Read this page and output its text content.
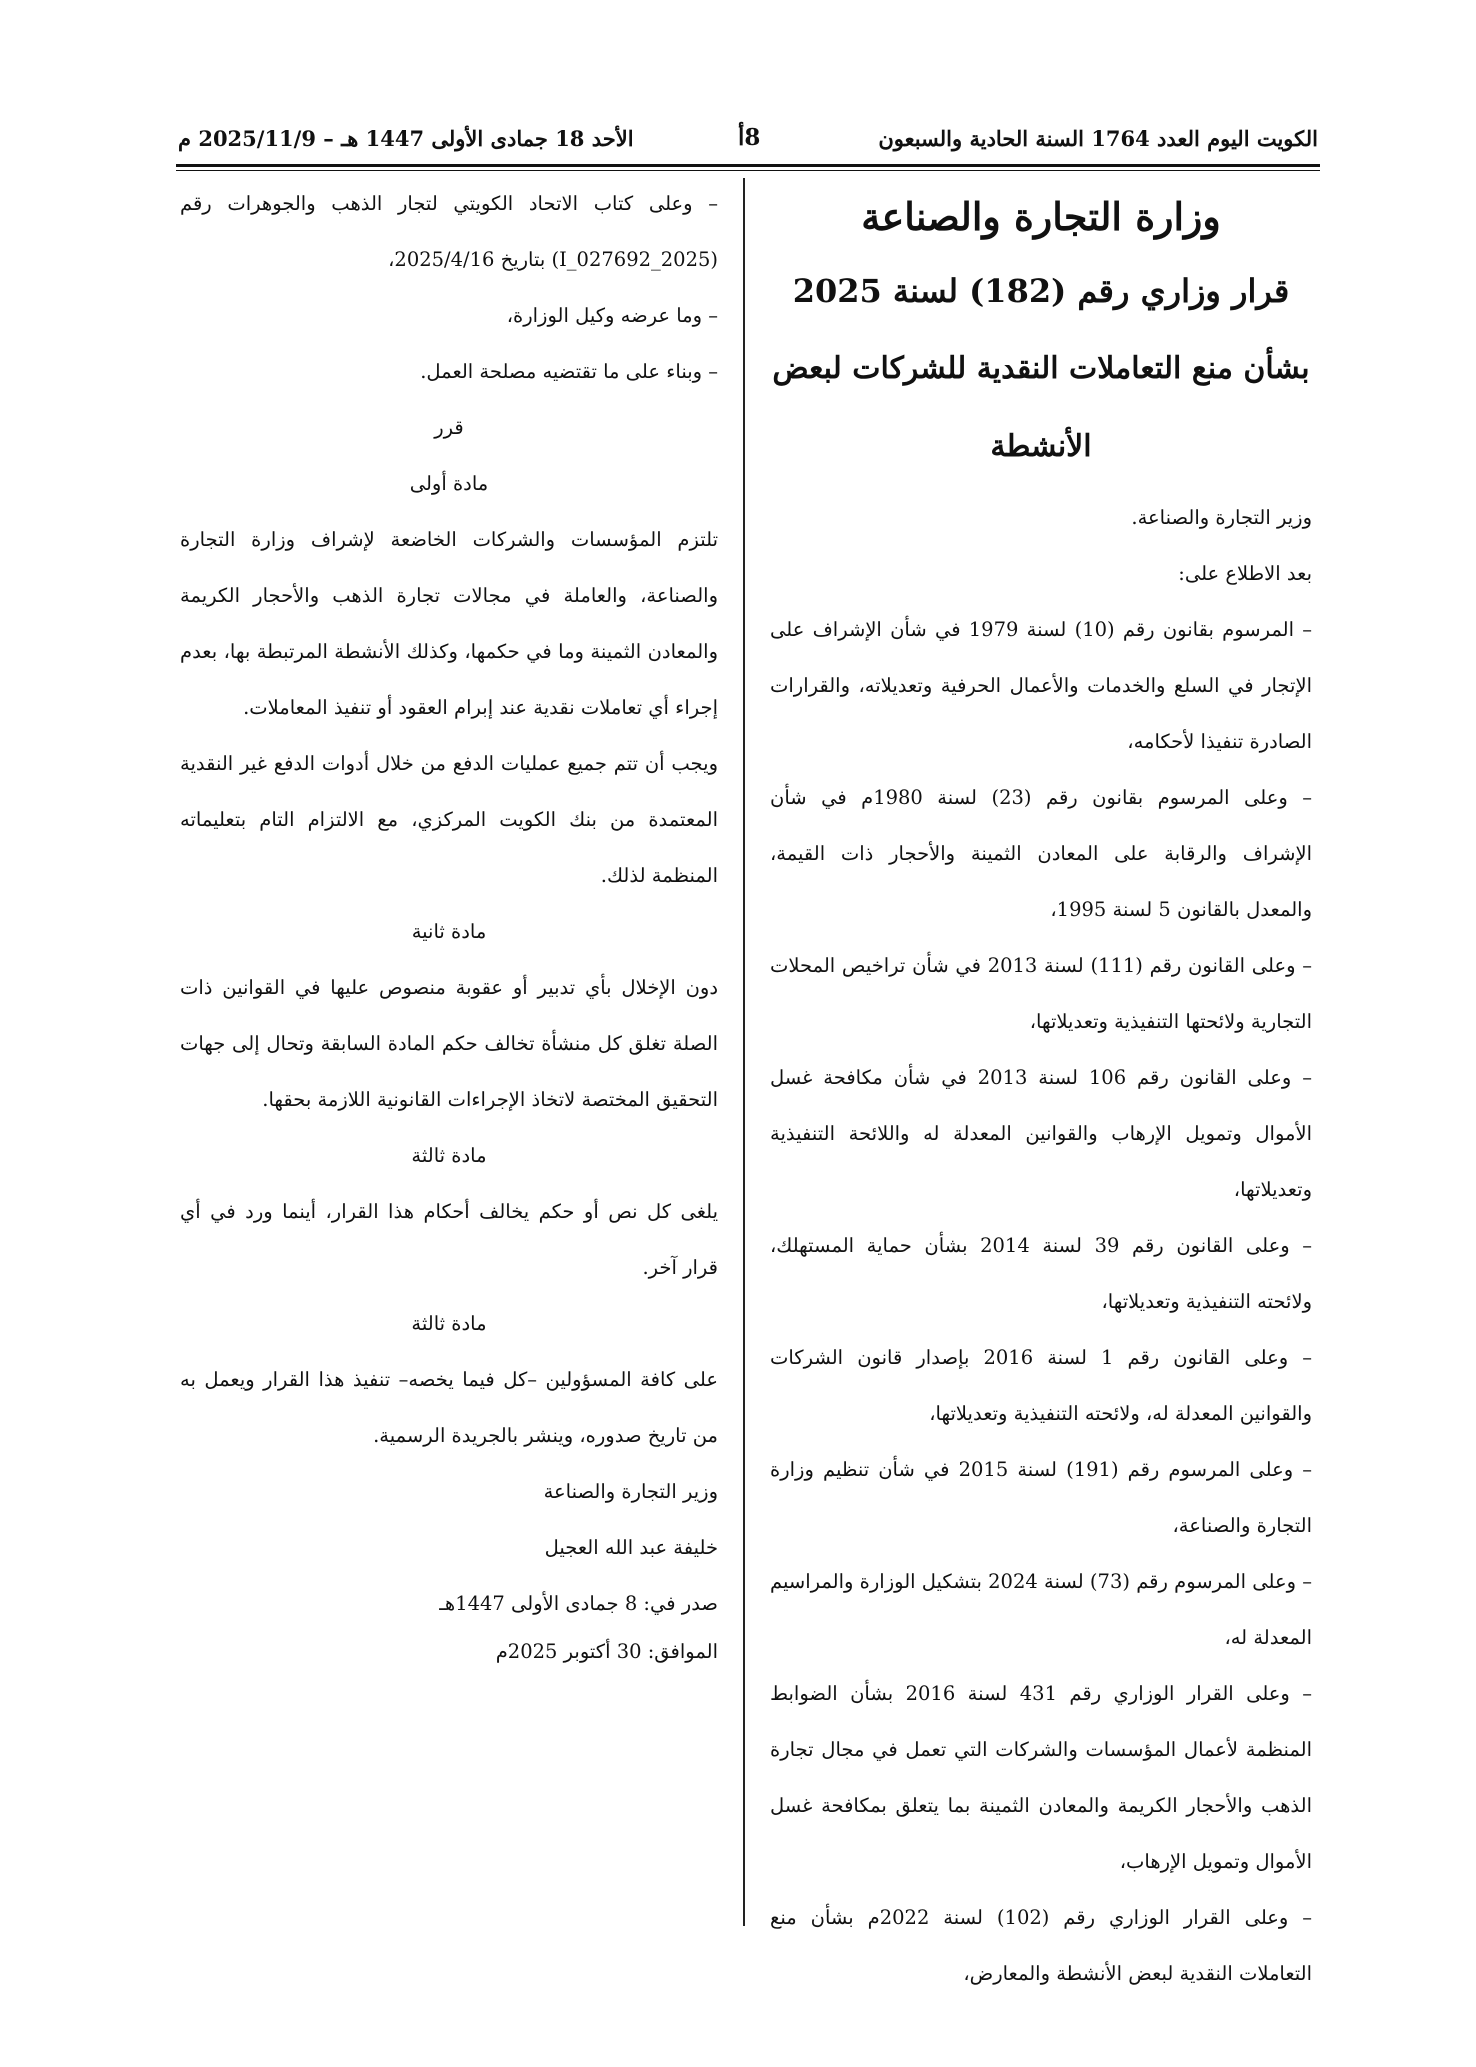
الكويت اليوم العدد 1764 السنة الحادية والسبعون
8أ
الأحد 18 جمادى الأولى 1447 هـ – 2025/11/9 م
وزارة التجارة والصناعة
قرار وزاري رقم (182) لسنة 2025
بشأن منع التعاملات النقدية للشركات لبعض
الأنشطة

وزير التجارة والصناعة.

بعد الاطلاع على:

– المرسوم بقانون رقم (10) لسنة 1979 في شأن الإشراف على الإتجار في السلع والخدمات والأعمال الحرفية وتعديلاته، والقرارات الصادرة تنفيذا لأحكامه،

– وعلى المرسوم بقانون رقم (23) لسنة 1980م في شأن الإشراف والرقابة على المعادن الثمينة والأحجار ذات القيمة، والمعدل بالقانون 5 لسنة 1995،

– وعلى القانون رقم (111) لسنة 2013 في شأن تراخيص المحلات التجارية ولائحتها التنفيذية وتعديلاتها،

– وعلى القانون رقم 106 لسنة 2013 في شأن مكافحة غسل الأموال وتمويل الإرهاب والقوانين المعدلة له واللائحة التنفيذية وتعديلاتها،

– وعلى القانون رقم 39 لسنة 2014 بشأن حماية المستهلك، ولائحته التنفيذية وتعديلاتها،

– وعلى القانون رقم 1 لسنة 2016 بإصدار قانون الشركات والقوانين المعدلة له، ولائحته التنفيذية وتعديلاتها،

– وعلى المرسوم رقم (191) لسنة 2015 في شأن تنظيم وزارة التجارة والصناعة،

– وعلى المرسوم رقم (73) لسنة 2024 بتشكيل الوزارة والمراسيم المعدلة له،

– وعلى القرار الوزاري رقم 431 لسنة 2016 بشأن الضوابط المنظمة لأعمال المؤسسات والشركات التي تعمل في مجال تجارة الذهب والأحجار الكريمة والمعادن الثمينة بما يتعلق بمكافحة غسل الأموال وتمويل الإرهاب،

– وعلى القرار الوزاري رقم (102) لسنة 2022م بشأن منع التعاملات النقدية لبعض الأنشطة والمعارض،

– وعلى كتاب الاتحاد الكويتي لتجار الذهب والجوهرات رقم (I_027692_2025) بتاريخ 2025/4/16،

– وما عرضه وكيل الوزارة،

– وبناء على ما تقتضيه مصلحة العمل.

قرر

مادة أولى

تلتزم المؤسسات والشركات الخاضعة لإشراف وزارة التجارة والصناعة، والعاملة في مجالات تجارة الذهب والأحجار الكريمة والمعادن الثمينة وما في حكمها، وكذلك الأنشطة المرتبطة بها، بعدم إجراء أي تعاملات نقدية عند إبرام العقود أو تنفيذ المعاملات.

ويجب أن تتم جميع عمليات الدفع من خلال أدوات الدفع غير النقدية المعتمدة من بنك الكويت المركزي، مع الالتزام التام بتعليماته المنظمة لذلك.

مادة ثانية

دون الإخلال بأي تدبير أو عقوبة منصوص عليها في القوانين ذات الصلة تغلق كل منشأة تخالف حكم المادة السابقة وتحال إلى جهات التحقيق المختصة لاتخاذ الإجراءات القانونية اللازمة بحقها.

مادة ثالثة

يلغى كل نص أو حكم يخالف أحكام هذا القرار، أينما ورد في أي قرار آخر.

مادة ثالثة

على كافة المسؤولين –كل فيما يخصه– تنفيذ هذا القرار ويعمل به من تاريخ صدوره، وينشر بالجريدة الرسمية.

وزير التجارة والصناعة

خليفة عبد الله العجيل

صدر في: 8 جمادى الأولى 1447هـ

الموافق: 30 أكتوبر 2025م
